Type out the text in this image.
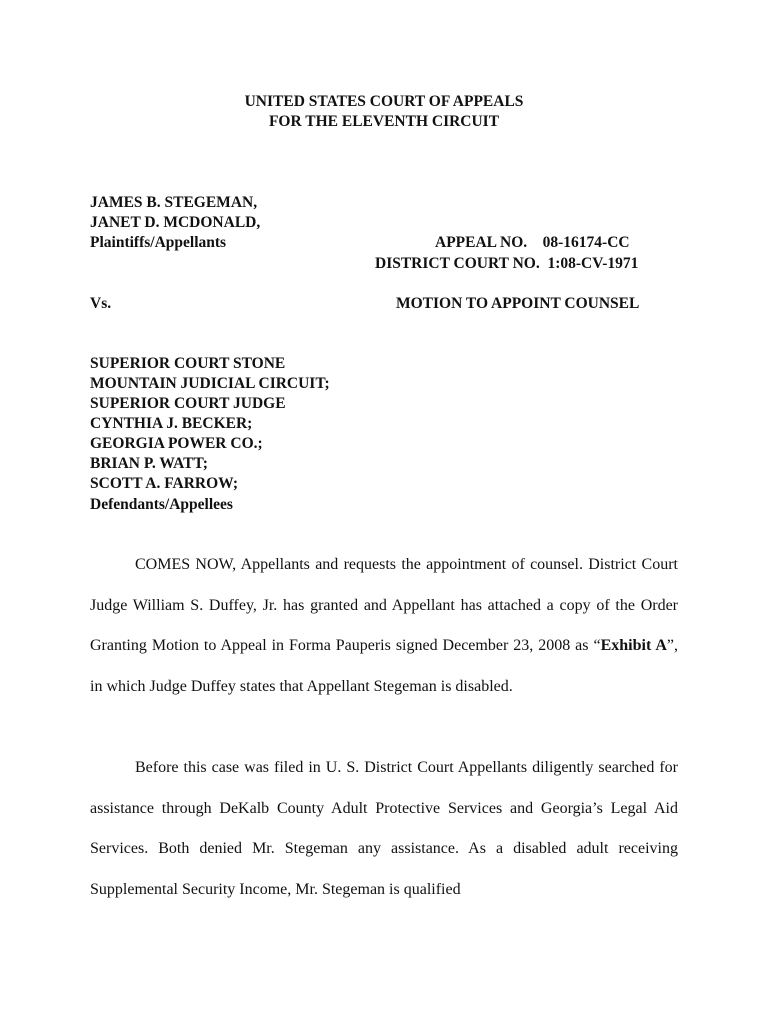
UNITED STATES COURT OF APPEALS
FOR THE ELEVENTH CIRCUIT
JAMES B. STEGEMAN,
JANET D. MCDONALD,
Plaintiffs/Appellants	APPEAL NO.    08-16174-CC
DISTRICT COURT NO.  1:08-CV-1971
Vs.	MOTION TO APPOINT COUNSEL
SUPERIOR COURT STONE
MOUNTAIN JUDICIAL CIRCUIT;
SUPERIOR COURT JUDGE
CYNTHIA J. BECKER;
GEORGIA POWER CO.;
BRIAN P. WATT;
SCOTT A. FARROW;
Defendants/Appellees
COMES NOW, Appellants and requests the appointment of counsel. District Court Judge William S. Duffey, Jr. has granted and Appellant has attached a copy of the Order Granting Motion to Appeal in Forma Pauperis signed December 23, 2008 as “Exhibit A”, in which Judge Duffey states that Appellant Stegeman is disabled.
Before this case was filed in U. S. District Court Appellants diligently searched for assistance through DeKalb County Adult Protective Services and Georgia’s Legal Aid Services. Both denied Mr. Stegeman any assistance. As a disabled adult receiving Supplemental Security Income, Mr. Stegeman is qualified
